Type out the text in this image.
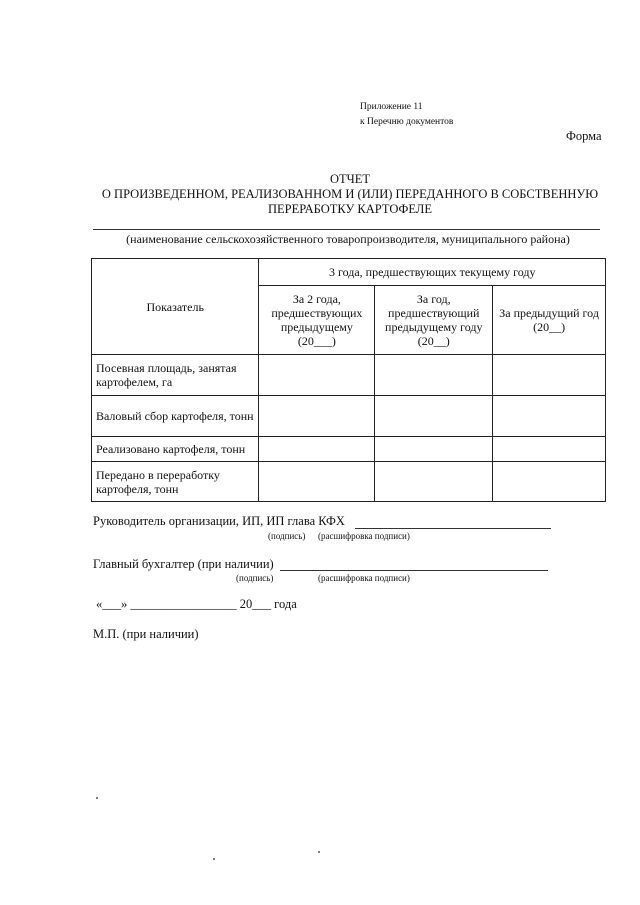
Приложение 11
к Перечню документов
Форма
ОТЧЕТ
О ПРОИЗВЕДЕННОМ, РЕАЛИЗОВАННОМ И (ИЛИ) ПЕРЕДАННОГО В СОБСТВЕННУЮ
ПЕРЕРАБОТКУ КАРТОФЕЛЕ
(наименование сельскохозяйственного товаропроизводителя, муниципального района)
Показатель	3 года, предшествующих текущему году		
	За 2 года, предшествующих предыдущему (20___)	За год, предшествующий предыдущему году (20__)	За предыдущий год (20__)
Посевная площадь, занятая картофелем, га			
Валовый сбор картофеля, тонн			
Реализовано картофеля, тонн			
Передано в переработку картофеля, тонн			
Руководитель организации, ИП, ИП глава КФХ
(подпись) (расшифровка подписи)
Главный бухгалтер (при наличии)
(подпись)	(расшифровка подписи)
«___» _________________ 20___ года
М.П. (при наличии)
